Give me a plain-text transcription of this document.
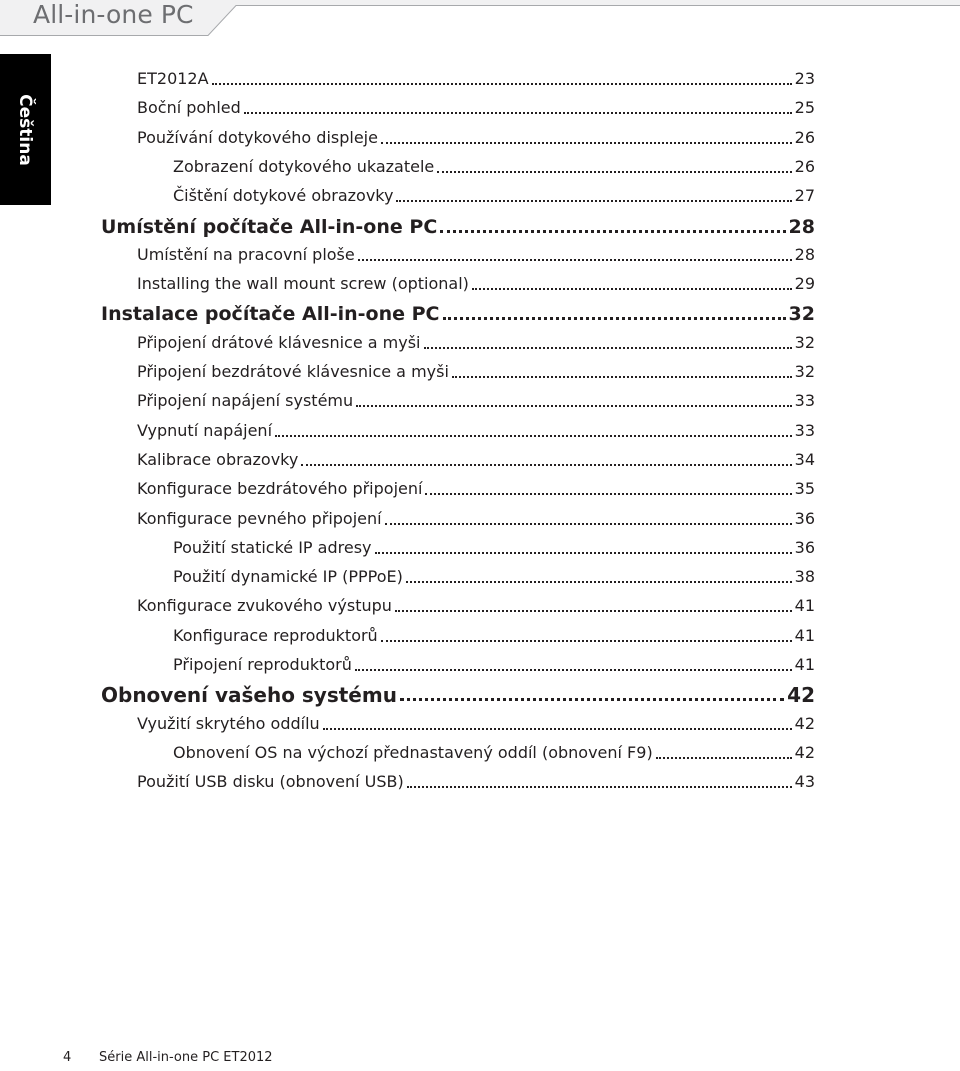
All-in-one PC
Čeština
ET2012A	23
Boční pohled	25
Používání dotykového displeje	26
Zobrazení dotykového ukazatele	26
Čištění dotykové obrazovky	27
Umístění počítače All-in-one PC	28
Umístění na pracovní ploše	28
Installing the wall mount screw (optional)	29
Instalace počítače All-in-one PC	32
Připojení drátové klávesnice a myši	32
Připojení bezdrátové klávesnice a myši	32
Připojení napájení systému	33
Vypnutí napájení	33
Kalibrace obrazovky	34
Konfigurace bezdrátového připojení	35
Konfigurace pevného připojení	36
Použití statické IP adresy	36
Použití dynamické IP (PPPoE)	38
Konfigurace zvukového výstupu	41
Konfigurace reproduktorů	41
Připojení reproduktorů	41
Obnovení vašeho systému	42
Využití skrytého oddílu	42
Obnovení OS na výchozí přednastavený oddíl (obnovení F9)	42
Použití USB disku (obnovení USB)	43
4 Série All-in-one PC ET2012
